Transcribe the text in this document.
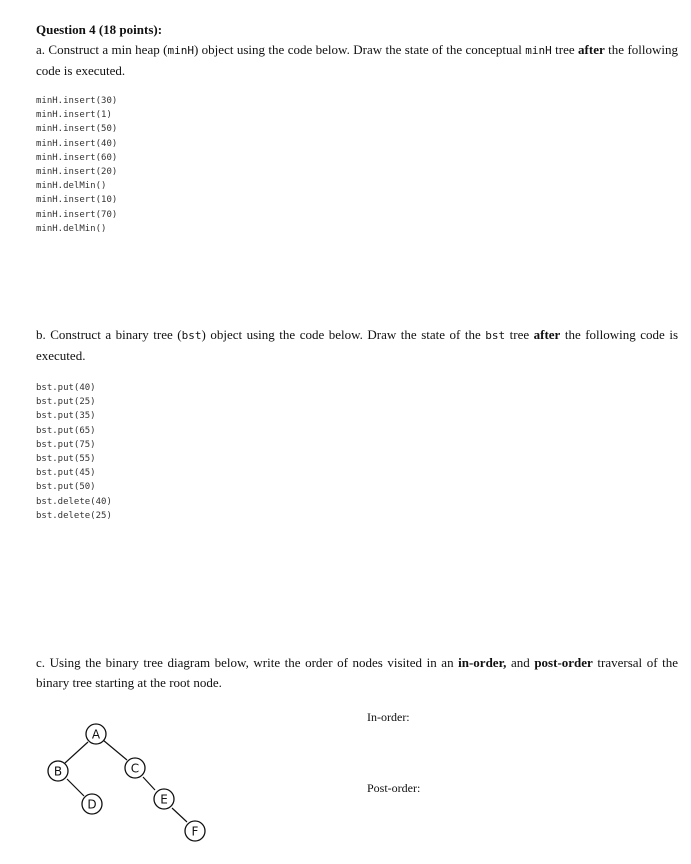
Question 4 (18 points):
a. Construct a min heap (minH) object using the code below. Draw the state of the conceptual minH tree after the following code is executed.
minH.insert(30)
minH.insert(1)
minH.insert(50)
minH.insert(40)
minH.insert(60)
minH.insert(20)
minH.delMin()
minH.insert(10)
minH.insert(70)
minH.delMin()
b. Construct a binary tree (bst) object using the code below. Draw the state of the bst tree after the following code is executed.
bst.put(40)
bst.put(25)
bst.put(35)
bst.put(65)
bst.put(75)
bst.put(55)
bst.put(45)
bst.put(50)
bst.delete(40)
bst.delete(25)
c. Using the binary tree diagram below, write the order of nodes visited in an in-order, and post-order traversal of the binary tree starting at the root node.
In-order:
Post-order:
A
B	C
D	E
F
